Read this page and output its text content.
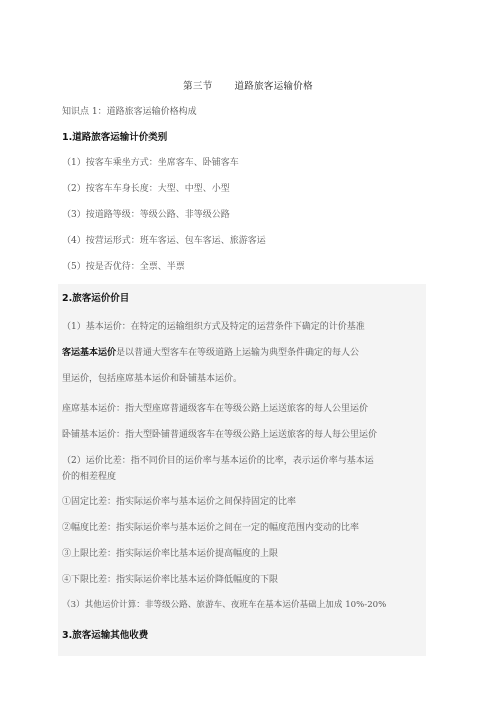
第三节 道路旅客运输价格
知识点 1：道路旅客运输价格构成
1.道路旅客运输计价类别
（1）按客车乘坐方式：坐席客车、卧铺客车
（2）按客车车身长度：大型、中型、小型
（3）按道路等级：等级公路、非等级公路
（4）按营运形式：班车客运、包车客运、旅游客运
（5）按是否优待：全票、半票
2.旅客运价价目
（1）基本运价：在特定的运输组织方式及特定的运营条件下确定的计价基准
客运基本运价是以普通大型客车在等级道路上运输为典型条件确定的每人公
里运价，包括座席基本运价和卧铺基本运价。
座席基本运价：指大型座席普通级客车在等级公路上运送旅客的每人公里运价
卧铺基本运价：指大型卧铺普通级客车在等级公路上运送旅客的每人每公里运价
（2）运价比差：指不同价目的运价率与基本运价的比率，表示运价率与基本运
价的相差程度
①固定比差：指实际运价率与基本运价之间保持固定的比率
②幅度比差：指实际运价率与基本运价之间在一定的幅度范围内变动的比率
③上限比差：指实际运价率比基本运价提高幅度的上限
④下限比差：指实际运价率比基本运价降低幅度的下限
（3）其他运价计算：非等级公路、旅游车、夜班车在基本运价基础上加成 10%-20%
3.旅客运输其他收费
